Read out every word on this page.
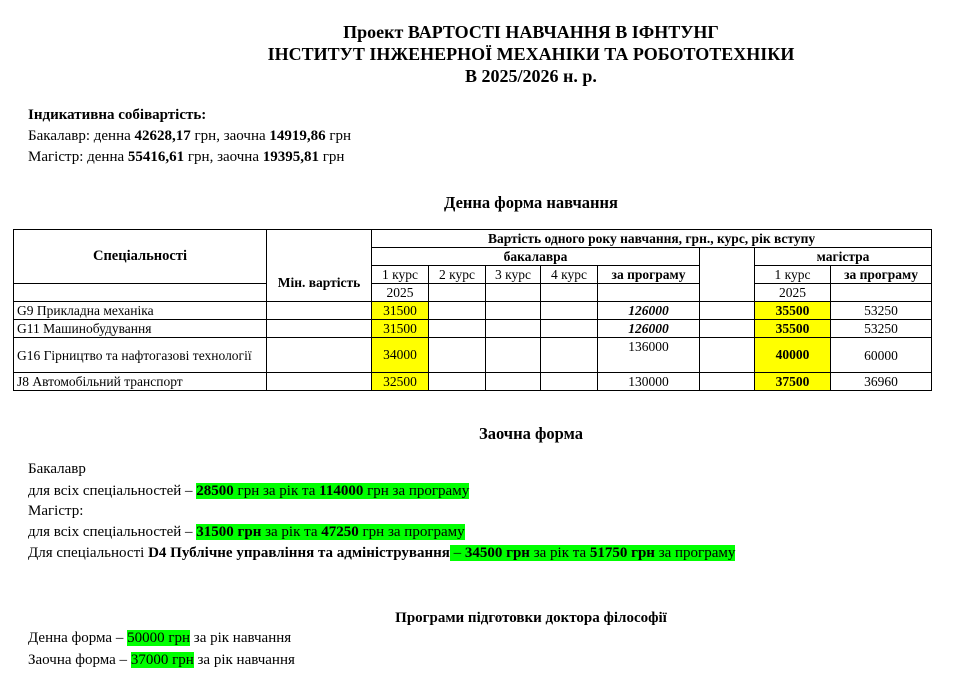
Проект ВАРТОСТІ НАВЧАННЯ В ІФНТУНГ
ІНСТИТУТ ІНЖЕНЕРНОЇ МЕХАНІКИ ТА РОБОТОТЕХНІКИ
В 2025/2026 н. р.
Індикативна собівартість:
Бакалавр: денна 42628,17 грн, заочна 14919,86 грн
Магістр: денна 55416,61 грн, заочна 19395,81 грн
Денна форма навчання
Спеціальності		Вартість одного року навчання, грн., курс, рік вступу							
		бакалавра						магістра	
	Мін. вартість	1 курс	2 курс	3 курс	4 курс	за програму		1 курс	за програму
		2025						2025	
G9 Прикладна механіка		31500				126000		35500	53250
G11 Машинобудування		31500				126000		35500	53250
G16 Гірництво та нафтогазові технології		34000				136000		40000	60000
J8 Автомобільний транспорт		32500				130000		37500	36960
Заочна форма
Бакалавр
для всіх спеціальностей – 28500 грн за рік та 114000 грн за програму
Магістр:
для всіх спеціальностей – 31500 грн за рік та 47250 грн за програму
Для спеціальності D4 Публічне управління та адміністрування – 34500 грн за рік та 51750 грн за програму
Програми підготовки доктора філософії
Денна форма – 50000 грн за рік навчання
Заочна форма – 37000 грн за рік навчання
